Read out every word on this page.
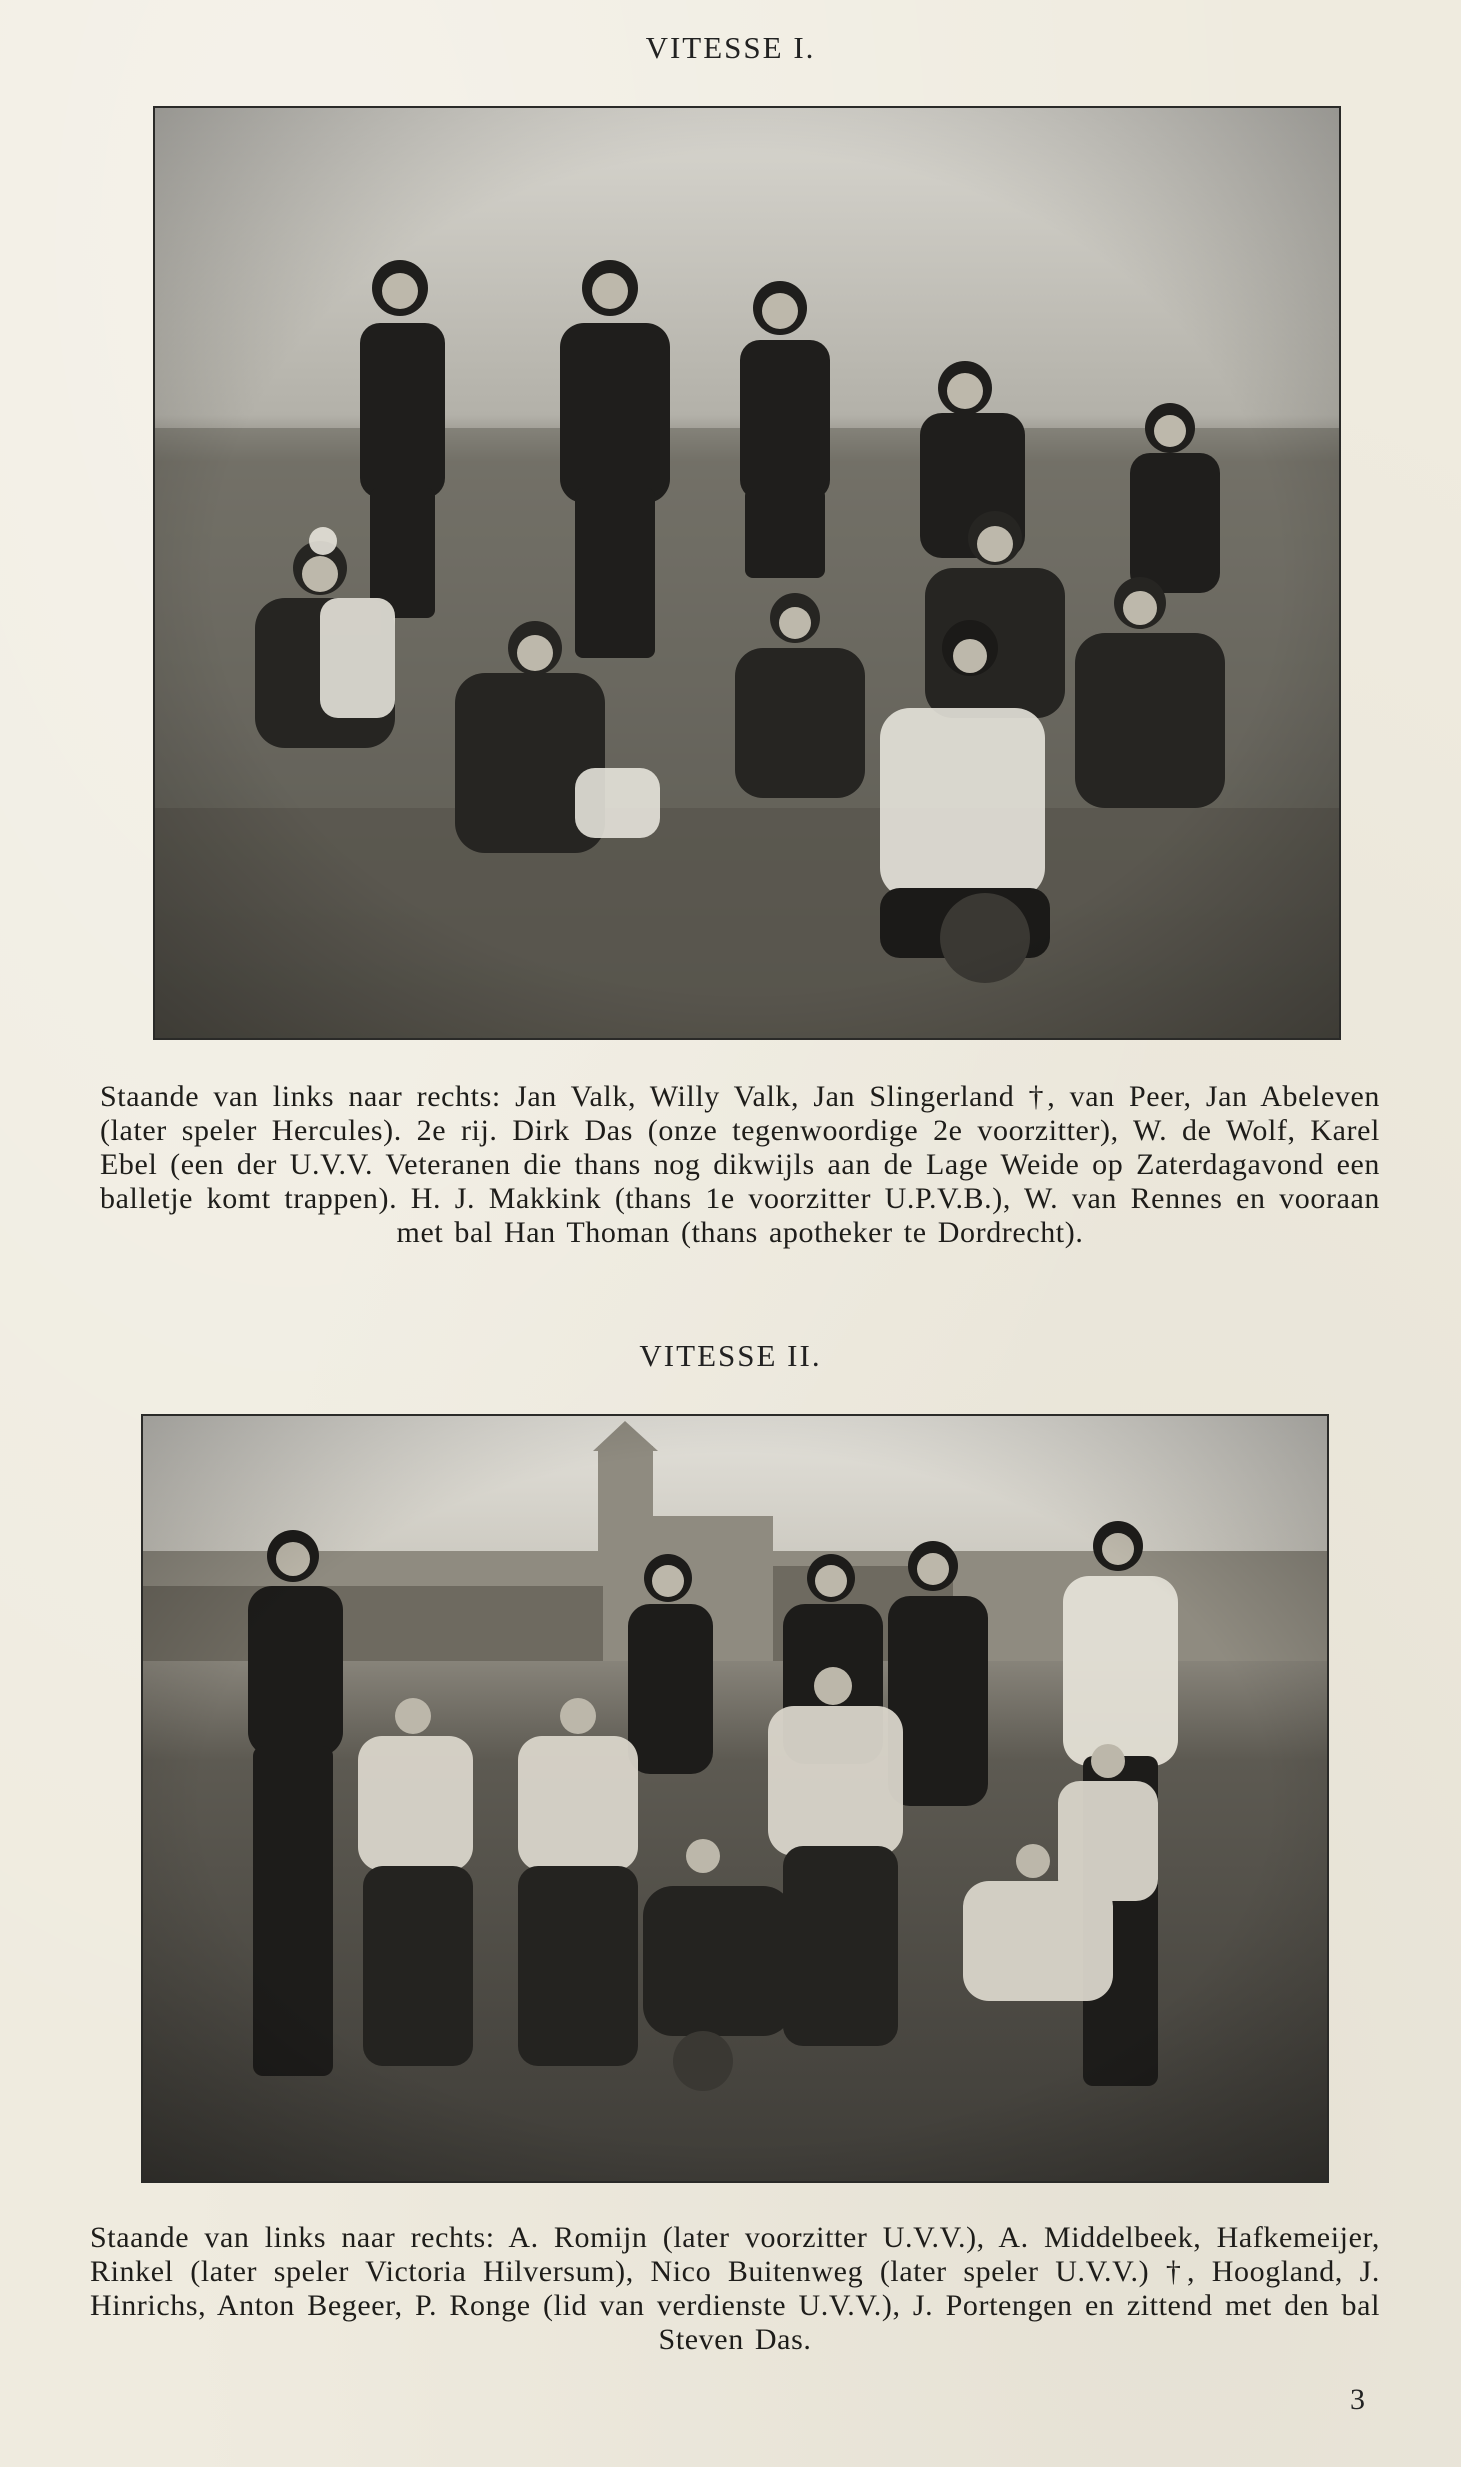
VITESSE I.
Staande van links naar rechts: Jan Valk, Willy Valk, Jan Slingerland †, van Peer, Jan Abeleven (later speler Hercules). 2e rij. Dirk Das (onze tegenwoordige 2e voorzitter), W. de Wolf, Karel Ebel (een der U.V.V. Veteranen die thans nog dikwijls aan de Lage Weide op Zaterdagavond een balletje komt trappen). H. J. Makkink (thans 1e voorzitter U.P.V.B.), W. van Rennes en vooraan met bal Han Thoman (thans apotheker te Dordrecht).
VITESSE II.
Staande van links naar rechts: A. Romijn (later voorzitter U.V.V.), A. Middelbeek, Hafkemeijer, Rinkel (later speler Victoria Hilversum), Nico Buitenweg (later speler U.V.V.) †, Hoogland, J. Hinrichs, Anton Begeer, P. Ronge (lid van verdienste U.V.V.), J. Portengen en zittend met den bal Steven Das.
3
